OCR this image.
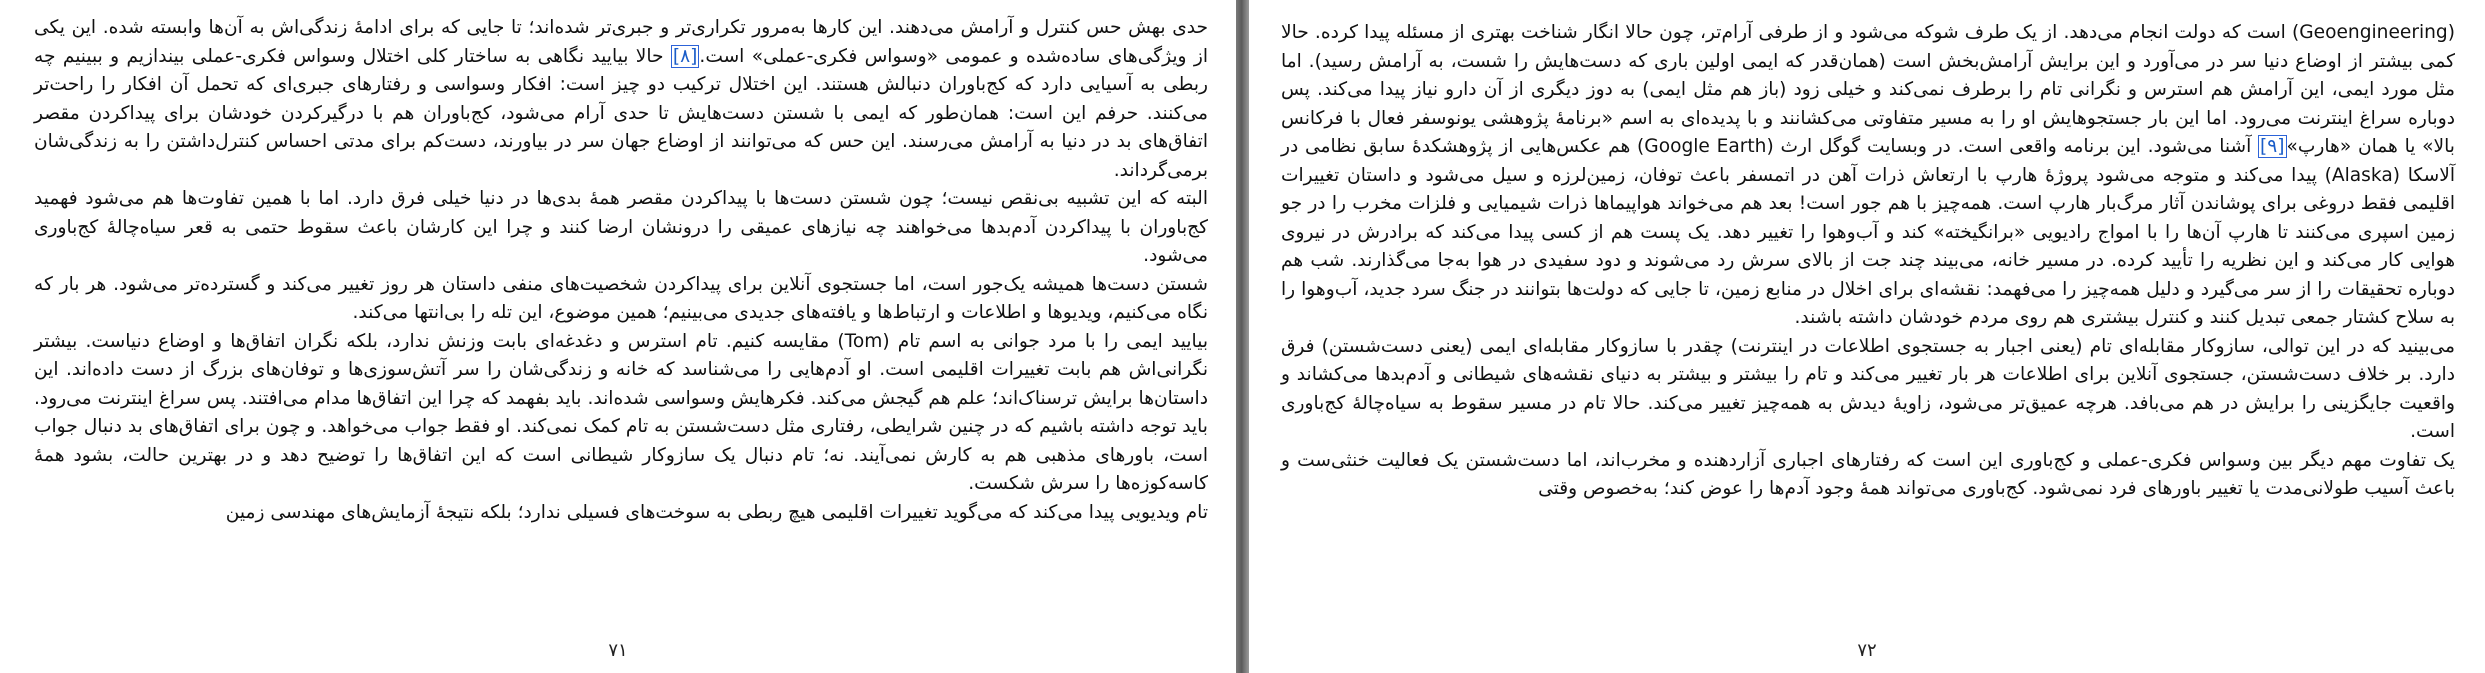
حدی بهش حس کنترل و آرامش می‌دهند. این کارها به‌مرور تکراری‌تر و جبری‌تر شده‌اند؛ تا جایی که برای ادامهٔ زندگی‌اش به آن‌ها وابسته شده. این یکی از ویژگی‌های ساده‌شده و عمومی «وسواس فکری-عملی» است.[۸] حالا بیایید نگاهی به ساختار کلی اختلال وسواس فکری-عملی بیندازیم و ببینیم چه ربطی به آسیایی دارد که کج‌باوران دنبالش هستند. این اختلال ترکیب دو چیز است: افکار وسواسی و رفتارهای جبری‌ای که تحمل آن افکار را راحت‌تر می‌کنند. حرفم این است: همان‌طور که ایمی با شستن دست‌هایش تا حدی آرام می‌شود، کج‌باوران هم با درگیرکردن خودشان برای پیداکردن مقصر اتفاق‌های بد در دنیا به آرامش می‌رسند. این حس که می‌توانند از اوضاع جهان سر در بیاورند، دست‌کم برای مدتی احساس کنترل‌داشتن را به زندگی‌شان برمی‌گرداند.

البته که این تشبیه بی‌نقص نیست؛ چون شستن دست‌ها با پیداکردن مقصر همهٔ بدی‌ها در دنیا خیلی فرق دارد. اما با همین تفاوت‌ها هم می‌شود فهمید کج‌باوران با پیداکردن آدم‌بدها می‌خواهند چه نیازهای عمیقی را درونشان ارضا کنند و چرا این کارشان باعث سقوط حتمی به قعر سیاه‌چالهٔ کج‌باوری می‌شود.

شستن دست‌ها همیشه یک‌جور است، اما جستجوی آنلاین برای پیداکردن شخصیت‌های منفی داستان هر روز تغییر می‌کند و گسترده‌تر می‌شود. هر بار که نگاه می‌کنیم، ویدیوها و اطلاعات و ارتباط‌ها و یافته‌های جدیدی می‌بینیم؛ همین موضوع، این تله را بی‌انتها می‌کند.

بیایید ایمی را با مرد جوانی به اسم تام (Tom) مقایسه کنیم. تام استرس و دغدغه‌ای بابت وزنش ندارد، بلکه نگران اتفاق‌ها و اوضاع دنیاست. بیشتر نگرانی‌اش هم بابت تغییرات اقلیمی است. او آدم‌هایی را می‌شناسد که خانه و زندگی‌شان را سر آتش‌سوزی‌ها و توفان‌های بزرگ از دست داده‌اند. این داستان‌ها برایش ترسناک‌اند؛ علم هم گیجش می‌کند. فکرهایش وسواسی شده‌اند. باید بفهمد که چرا این اتفاق‌ها مدام می‌افتند. پس سراغ اینترنت می‌رود. باید توجه داشته باشیم که در چنین شرایطی، رفتاری مثل دست‌شستن به تام کمک نمی‌کند. او فقط جواب می‌خواهد. و چون برای اتفاق‌های بد دنبال جواب است، باورهای مذهبی هم به کارش نمی‌آیند. نه؛ تام دنبال یک سازوکار شیطانی است که این اتفاق‌ها را توضیح دهد و در بهترین حالت، بشود همهٔ کاسه‌کوزه‌ها را سرش شکست.

تام ویدیویی پیدا می‌کند که می‌گوید تغییرات اقلیمی هیچ ربطی به سوخت‌های فسیلی ندارد؛ بلکه نتیجهٔ آزمایش‌های مهندسی زمین

۷۱

(Geoengineering) است که دولت انجام می‌دهد. از یک طرف شوکه می‌شود و از طرفی آرام‌تر، چون حالا انگار شناخت بهتری از مسئله پیدا کرده. حالا کمی بیشتر از اوضاع دنیا سر در می‌آورد و این برایش آرامش‌بخش است (همان‌قدر که ایمی اولین باری که دست‌هایش را شست، به آرامش رسید). اما مثل مورد ایمی، این آرامش هم استرس و نگرانی تام را برطرف نمی‌کند و خیلی زود (باز هم مثل ایمی) به دوز دیگری از آن دارو نیاز پیدا می‌کند. پس دوباره سراغ اینترنت می‌رود. اما این بار جستجوهایش او را به مسیر متفاوتی می‌کشانند و با پدیده‌ای به اسم «برنامهٔ پژوهشی یونوسفر فعال با فرکانس بالا» یا همان «هارپ»[۹] آشنا می‌شود. این برنامه واقعی است. در وبسایت گوگل ارث (Google Earth) هم عکس‌هایی از پژوهشکدهٔ سابق نظامی در آلاسکا (Alaska) پیدا می‌کند و متوجه می‌شود پروژهٔ هارپ با ارتعاش ذرات آهن در اتمسفر باعث توفان، زمین‌لرزه و سیل می‌شود و داستان تغییرات اقلیمی فقط دروغی برای پوشاندن آثار مرگ‌بار هارپ است. همه‌چیز با هم جور است! بعد هم می‌خواند هواپیماها ذرات شیمیایی و فلزات مخرب را در جو زمین اسپری می‌کنند تا هارپ آن‌ها را با امواج رادیویی «برانگیخته» کند و آب‌وهوا را تغییر دهد. یک پست هم از کسی پیدا می‌کند که برادرش در نیروی هوایی کار می‌کند و این نظریه را تأیید کرده. در مسیر خانه، می‌بیند چند جت از بالای سرش رد می‌شوند و دود سفیدی در هوا به‌جا می‌گذارند. شب هم دوباره تحقیقات را از سر می‌گیرد و دلیل همه‌چیز را می‌فهمد: نقشه‌ای برای اخلال در منابع زمین، تا جایی که دولت‌ها بتوانند در جنگ سرد جدید، آب‌وهوا را به سلاح کشتار جمعی تبدیل کنند و کنترل بیشتری هم روی مردم خودشان داشته باشند.

می‌بینید که در این توالی، سازوکار مقابله‌ای تام (یعنی اجبار به جستجوی اطلاعات در اینترنت) چقدر با سازوکار مقابله‌ای ایمی (یعنی دست‌شستن) فرق دارد. بر خلاف دست‌شستن، جستجوی آنلاین برای اطلاعات هر بار تغییر می‌کند و تام را بیشتر و بیشتر به دنیای نقشه‌های شیطانی و آدم‌بدها می‌کشاند و واقعیت جایگزینی را برایش در هم می‌بافد. هرچه عمیق‌تر می‌شود، زاویهٔ دیدش به همه‌چیز تغییر می‌کند. حالا تام در مسیر سقوط به سیاه‌چالهٔ کج‌باوری است.

یک تفاوت مهم دیگر بین وسواس فکری-عملی و کج‌باوری این است که رفتارهای اجباری آزاردهنده و مخرب‌اند، اما دست‌شستن یک فعالیت خنثی‌ست و باعث آسیب طولانی‌مدت یا تغییر باورهای فرد نمی‌شود. کج‌باوری می‌تواند همهٔ وجود آدم‌ها را عوض کند؛ به‌خصوص وقتی

۷۲
